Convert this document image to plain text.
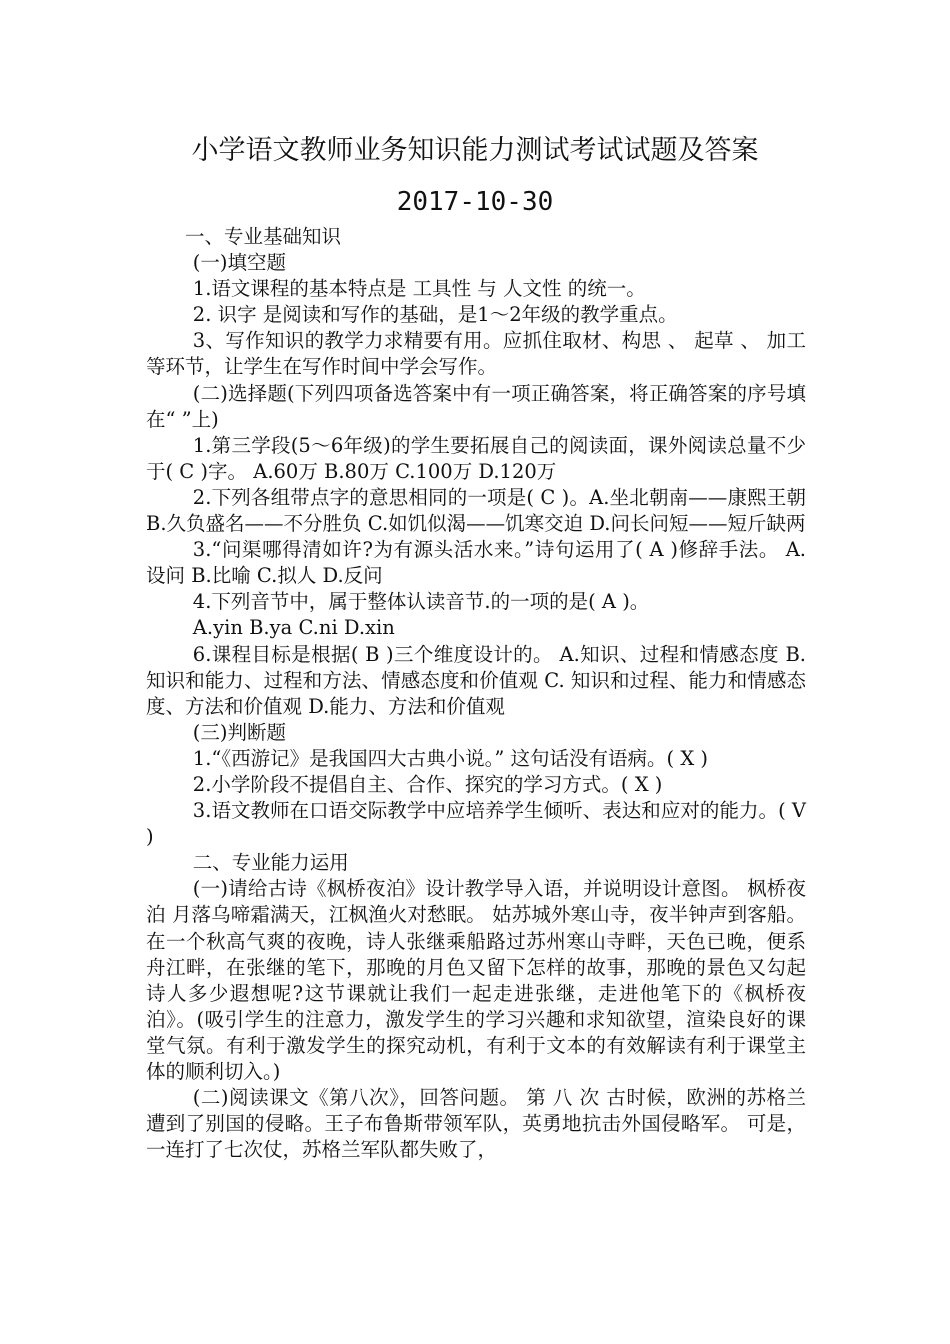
小学语文教师业务知识能力测试考试试题及答案
2017-10-30

一、专业基础知识

(一)填空题

1.语文课程的基本特点是 工具性 与 人文性 的统一。

2. 识字 是阅读和写作的基础，是1～2年级的教学重点。

3、写作知识的教学力求精要有用。应抓住取材、构思 、 起草 、 加工 等环节，让学生在写作时间中学会写作。

(二)选择题(下列四项备选答案中有一项正确答案，将正确答案的序号填在“ ”上)

1.第三学段(5～6年级)的学生要拓展自己的阅读面，课外阅读总量不少于( C )字。 A.60万 B.80万 C.100万 D.120万

2.下列各组带点字的意思相同的一项是( C )。A.坐北朝南——康熙王朝 B.久负盛名——不分胜负 C.如饥似渴——饥寒交迫 D.问长问短——短斤缺两

3.“问渠哪得清如许?为有源头活水来。”诗句运用了( A )修辞手法。 A.设问 B.比喻 C.拟人 D.反问

4.下列音节中，属于整体认读音节.的一项的是( A )。

A.yin B.ya C.ni D.xin

6.课程目标是根据( B )三个维度设计的。 A.知识、过程和情感态度 B.知识和能力、过程和方法、情感态度和价值观 C. 知识和过程、能力和情感态度、方法和价值观 D.能力、方法和价值观

(三)判断题

1.“《西游记》是我国四大古典小说。” 这句话没有语病。( X )

2.小学阶段不提倡自主、合作、探究的学习方式。( X )

3.语文教师在口语交际教学中应培养学生倾听、表达和应对的能力。( V )

二、专业能力运用

(一)请给古诗《枫桥夜泊》设计教学导入语，并说明设计意图。 枫桥夜泊 月落乌啼霜满天，江枫渔火对愁眠。 姑苏城外寒山寺，夜半钟声到客船。 在一个秋高气爽的夜晚，诗人张继乘船路过苏州寒山寺畔，天色已晚，便系舟江畔，在张继的笔下，那晚的月色又留下怎样的故事，那晚的景色又勾起诗人多少遐想呢?这节课就让我们一起走进张继，走进他笔下的《枫桥夜泊》。(吸引学生的注意力，激发学生的学习兴趣和求知欲望，渲染良好的课堂气氛。有利于激发学生的探究动机，有利于文本的有效解读有利于课堂主体的顺利切入。)

(二)阅读课文《第八次》，回答问题。 第 八 次 古时候，欧洲的苏格兰遭到了别国的侵略。王子布鲁斯带领军队，英勇地抗击外国侵略军。 可是，一连打了七次仗，苏格兰军队都失败了，
